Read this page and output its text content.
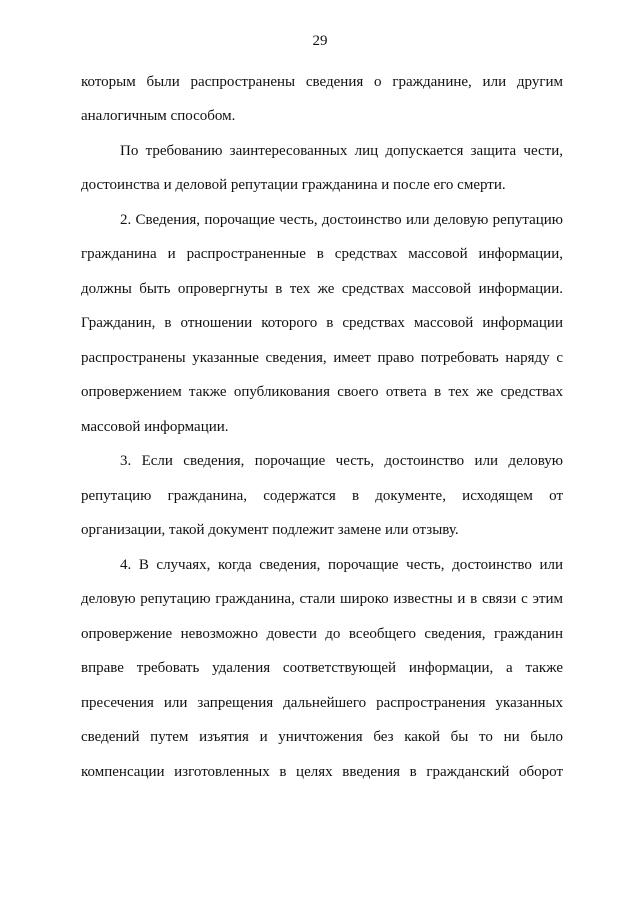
29
которым были распространены сведения о гражданине, или другим
аналогичным способом.
По требованию заинтересованных лиц допускается защита чести,
достоинства и деловой репутации гражданина и после его смерти.
2. Сведения, порочащие честь, достоинство или деловую репутацию
гражданина и распространенные в средствах массовой информации,
должны быть опровергнуты в тех же средствах массовой информации.
Гражданин, в отношении которого в средствах массовой информации
распространены указанные сведения, имеет право потребовать наряду с
опровержением также опубликования своего ответа в тех же средствах
массовой информации.
3. Если сведения, порочащие честь, достоинство или деловую
репутацию гражданина, содержатся в документе, исходящем от
организации, такой документ подлежит замене или отзыву.
4. В случаях, когда сведения, порочащие честь, достоинство или
деловую репутацию гражданина, стали широко известны и в связи с этим
опровержение невозможно довести до всеобщего сведения, гражданин
вправе требовать удаления соответствующей информации, а также
пресечения или запрещения дальнейшего распространения указанных
сведений путем изъятия и уничтожения без какой бы то ни было
компенсации изготовленных в целях введения в гражданский оборот
